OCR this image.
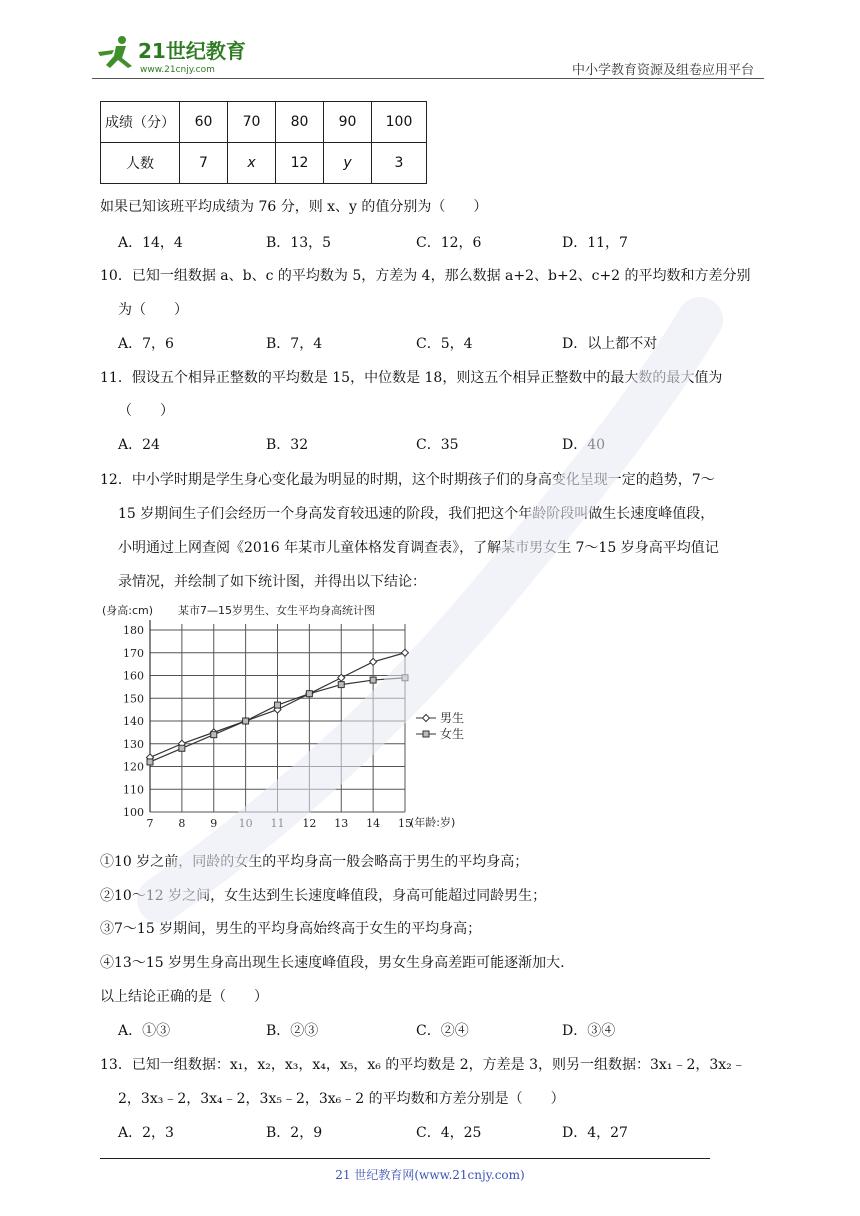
21世纪教育
www.21cnjy.com	中小学教育资源及组卷应用平台
成绩（分）	60	70	80	90	100
人数	7	x	12	y	3
如果已知该班平均成绩为 76 分，则 x、y 的值分别为（　　）
A．14，4	B．13，5	C．12，6	D．11，7
10．已知一组数据 a、b、c 的平均数为 5，方差为 4，那么数据 a+2、b+2、c+2 的平均数和方差分别
为（　　）
A．7，6	B．7，4	C．5，4	D．以上都不对
11．假设五个相异正整数的平均数是 15，中位数是 18，则这五个相异正整数中的最大数的最大值为
（　　）
A．24	B．32	C．35	D．40
12．中小学时期是学生身心变化最为明显的时期，这个时期孩子们的身高变化呈现一定的趋势，7～
15 岁期间生子们会经历一个身高发育较迅速的阶段，我们把这个年龄阶段叫做生长速度峰值段，
小明通过上网查阅《2016 年某市儿童体格发育调查表》，了解某市男女生 7～15 岁身高平均值记
录情况，并绘制了如下统计图，并得出以下结论：
(身高:cm) 某市7—15岁男生、女生平均身高统计图
100
110
120
130
140
150
160
170
180
7 8 9 10 11 12 13 14 15
男生
女生
(年龄:岁)
①10 岁之前，同龄的女生的平均身高一般会略高于男生的平均身高；
②10～12 岁之间，女生达到生长速度峰值段，身高可能超过同龄男生；
③7～15 岁期间，男生的平均身高始终高于女生的平均身高；
④13～15 岁男生身高出现生长速度峰值段，男女生身高差距可能逐渐加大.
以上结论正确的是（　　）
A．①③	B．②③	C．②④	D．③④
13．已知一组数据：x₁，x₂，x₃，x₄，x₅，x₆ 的平均数是 2，方差是 3，则另一组数据：3x₁﹣2，3x₂﹣
2，3x₃﹣2，3x₄﹣2，3x₅﹣2，3x₆﹣2 的平均数和方差分别是（　　）
A．2，3	B．2，9	C．4，25	D．4，27
21 世纪教育网(www.21cnjy.com)
